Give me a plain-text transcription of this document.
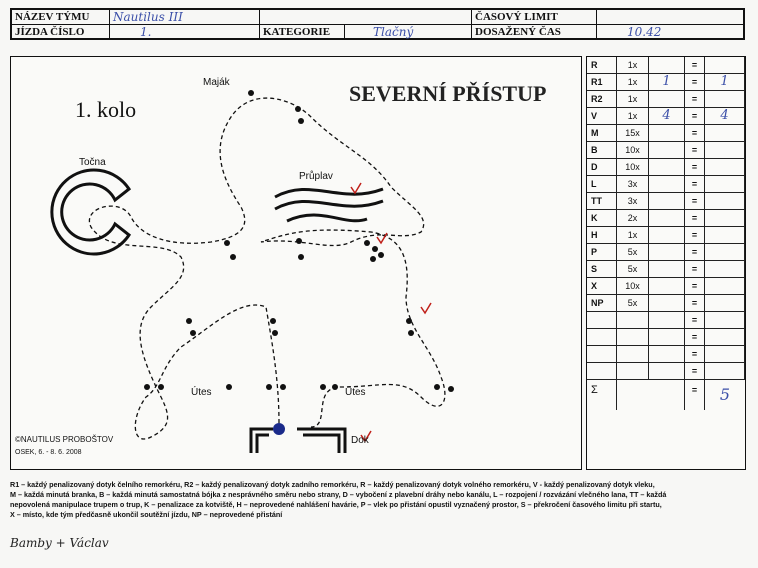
NÁZEV TÝMU	Nautilus III	ČASOVÝ LIMIT
JÍZDA ČÍSLO	1.	KATEGORIE	Tlačný	DOSAŽENÝ ČAS	10.42
SEVERNÍ PŘÍSTUP
1. kolo
Maják
Točna
Průplav
Útes	Útes
Dok
©NAUTILUS PROBOŠTOV
OSEK, 6. - 8. 6. 2008
R	1x	=
R1	1x	1	=	1
R2	1x	=
V	1x	4	=	4
M	15x	=
B	10x	=
D	10x	=
L	3x	=
TT	3x	=
K	2x	=
H	1x	=
P	5x	=
S	5x	=
X	10x	=
NP	5x	=
=
=
=
=
Σ	=	5
R1 – každý penalizovaný dotyk čelního remorkéru, R2 – každý penalizovaný dotyk zadního remorkéru, R – každý penalizovaný dotyk volného remorkéru, V - každý penalizovaný dotyk vleku,
M – každá minutá branka, B – každá minutá samostatná bójka z nesprávného směru nebo strany, D – vybočení z plavební dráhy nebo kanálu, L – rozpojení / rozvázání vlečného lana, TT – každá
nepovolená manipulace trupem o trup, K – penalizace za kotviště, H – neprovedené nahlášení havárie, P – vlek po přistání opustil vyznačený prostor, S – překročení časového limitu při startu,
X – místo, kde tým předčasně ukončil soutěžní jízdu, NP – neprovedené přistání
Bamby + Václav
